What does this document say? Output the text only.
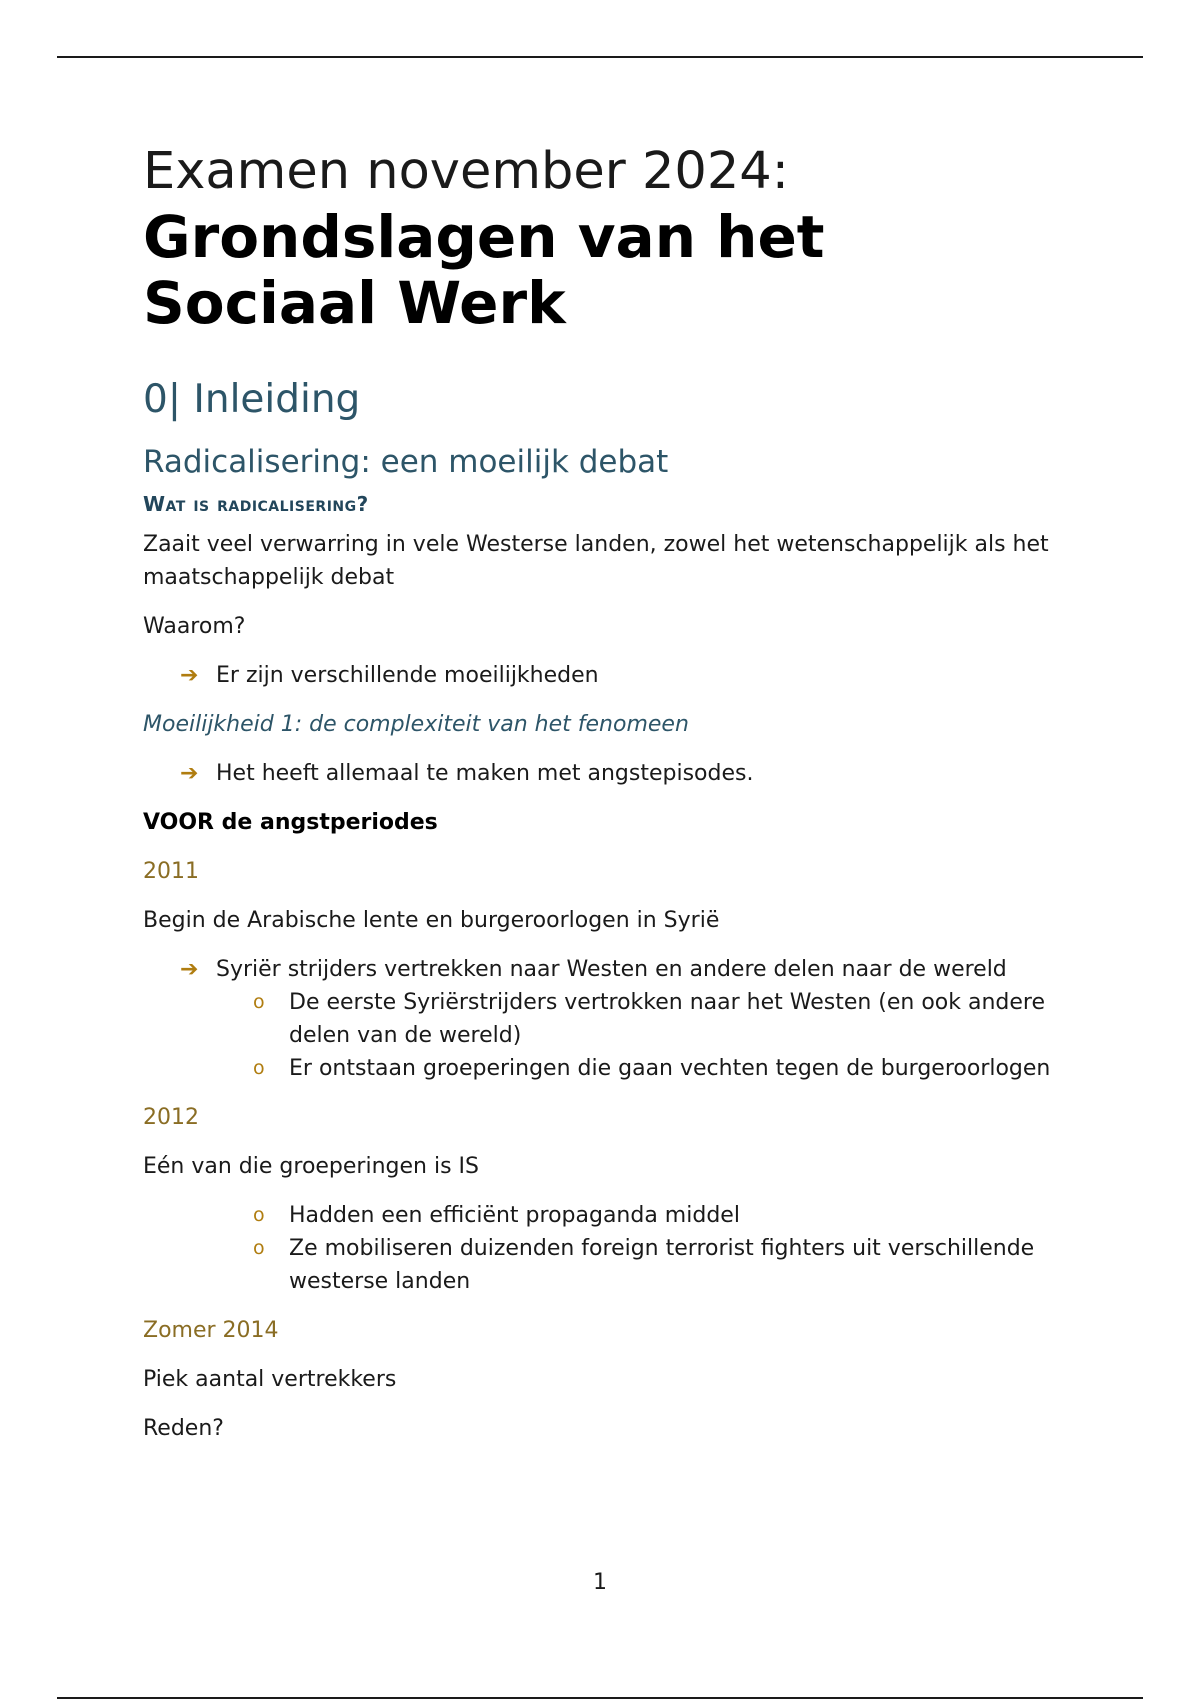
Examen november 2024:
Grondslagen van het Sociaal Werk
0| Inleiding
Radicalisering: een moeilijk debat
Wat is radicalisering?

Zaait veel verwarring in vele Westerse landen, zowel het wetenschappelijk als het maatschappelijk debat

Waarom?

➔ Er zijn verschillende moeilijkheden

Moeilijkheid 1: de complexiteit van het fenomeen

➔ Het heeft allemaal te maken met angstepisodes.

VOOR de angstperiodes

2011

Begin de Arabische lente en burgeroorlogen in Syrië

➔ Syriër strijders vertrekken naar Westen en andere delen naar de wereld
o De eerste Syriërstrijders vertrokken naar het Westen (en ook andere delen van de wereld)
o Er ontstaan groeperingen die gaan vechten tegen de burgeroorlogen

2012

Eén van die groeperingen is IS

o Hadden een efficiënt propaganda middel
o Ze mobiliseren duizenden foreign terrorist fighters uit verschillende westerse landen

Zomer 2014

Piek aantal vertrekkers

Reden?

1
